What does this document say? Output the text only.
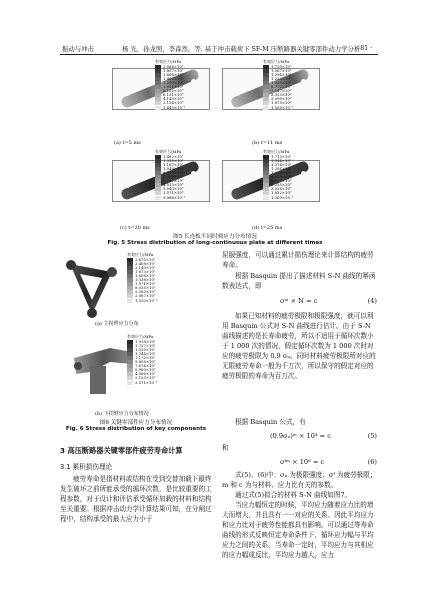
振动与冲击	杨 光，孙龙照，李森然，等. 基于冲击载荷下 SF-M 压断路器关键零部件动力学分析
· 81 ·
有效应力/MPa
2.066×10¹
1.807×10¹
1.668×10¹
1.409×10¹
1.210×10¹
1.011×10¹
8.122×10⁰
6.131×10⁰
4.143×10⁰
2.154×10⁰
1.645×10⁻¹
(a) t=5 ms
有效应力/MPa
1.739×10¹
1.567×10¹
1.394×10¹
1.222×10¹
1.050×10¹
8.772×10⁰
7.047×10⁰
5.323×10⁰
3.599×10⁰
1.875×10⁰
1.509×10⁻¹
(b) t=11 ms
有效应力/MPa
1.482×10¹
1.335×10¹
1.187×10¹
1.040×10¹
8.930×10⁰
7.458×10⁰
5.987×10⁰
4.515×10⁰
3.043×10⁰
1.571×10⁰
9.966×10⁻²
(c) t=20 ms
有效应力/MPa
1.715×10¹
1.544×10¹
1.374×10¹
1.204×10¹
1.034×10¹
8.638×10⁰
6.937×10⁰
5.235×10⁰
3.534×10⁰
1.832×10⁰
1.309×10⁻¹
(d) t=25 ms
图5 长连板不同时刻应力分布情况
Fig. 5 Stress distribution of long-continuous plate at different times
有效应力/MPa
2.675×10¹
2.408×10¹
2.140×10¹
1.873×10¹
1.606×10¹
1.338×10¹
1.071×10¹
8.035×10⁰
5.363×10⁰
2.687×10⁰
1.320×10⁻²
(a) 主拐臂应力分布
有效应力/MPa
1.918×10¹
1.727×10¹
1.535×10¹
1.344×10¹
1.172×10¹
9.808×10⁰
7.874×10⁰
5.980×10⁰
4.066×10⁰
2.153×10⁰
2.371×10⁻¹
(b) 下拐臂应力分布情况
图6 关键零部件应力分布情况
Fig. 6 Stress distribution of key components
3 高压断路器关键零部件疲劳寿命计算
3.1 累积损伤理论
疲劳寿命是指材料或结构在受到交替加载下最终发生破坏之前所能承受的循环次数，是比较重要的工程参数，对于设计和评估承受循环加载的材料和结构至关重要。根据冲击动力学计算结果可知，在分闸过程中，结构承受的最大应力小于
屈服强度，可以通过累计损伤理论来计算结构的疲劳寿命。
根据 Basquin 提出了描述材料 S-N 曲线的幂函数表达式，即
σᵐ × N = c	(4)
如果已知材料的疲劳极限和极限强度，就可以利用 Basquin 公式对 S-N 曲线进行估计。由于 S-N 曲线描述的是长寿命疲劳，所以不适用于循环次数小于 1 000 次的情况，假定循环次数为 1 000 次时对应的疲劳极限为 0.9 σᵤ。同时材料疲劳极限所对应的无限疲劳寿命一般为千万次，所以保守的假定对应的疲劳极限的寿命为百万次。
根据 Basquin 公式，有
(0.9σᵤ)ᵐ × 10³ = c	(5)
和
σᶠᵐ × 10⁶ = c	(6)
式(5)、(6)中：σᵤ 为极限强度；σᶠ 为疲劳极限；m 和 c 为与材料、应力比有关的参数。
通过式(5)拟合的材料 S-N 曲线如图7。
当应力幅恒定的时候，平均应力随着应力比的增大而增大，并且具有一一对应的关系。因此平均应力和应力比对于疲劳性能都具有影响。可以通过等寿命曲线的形式反映恒定寿命条件下，循环应力幅与平均应力之间的关系。当寿命一定时，平均应力与其相应的应力幅成反比，平均应力越大，应力
